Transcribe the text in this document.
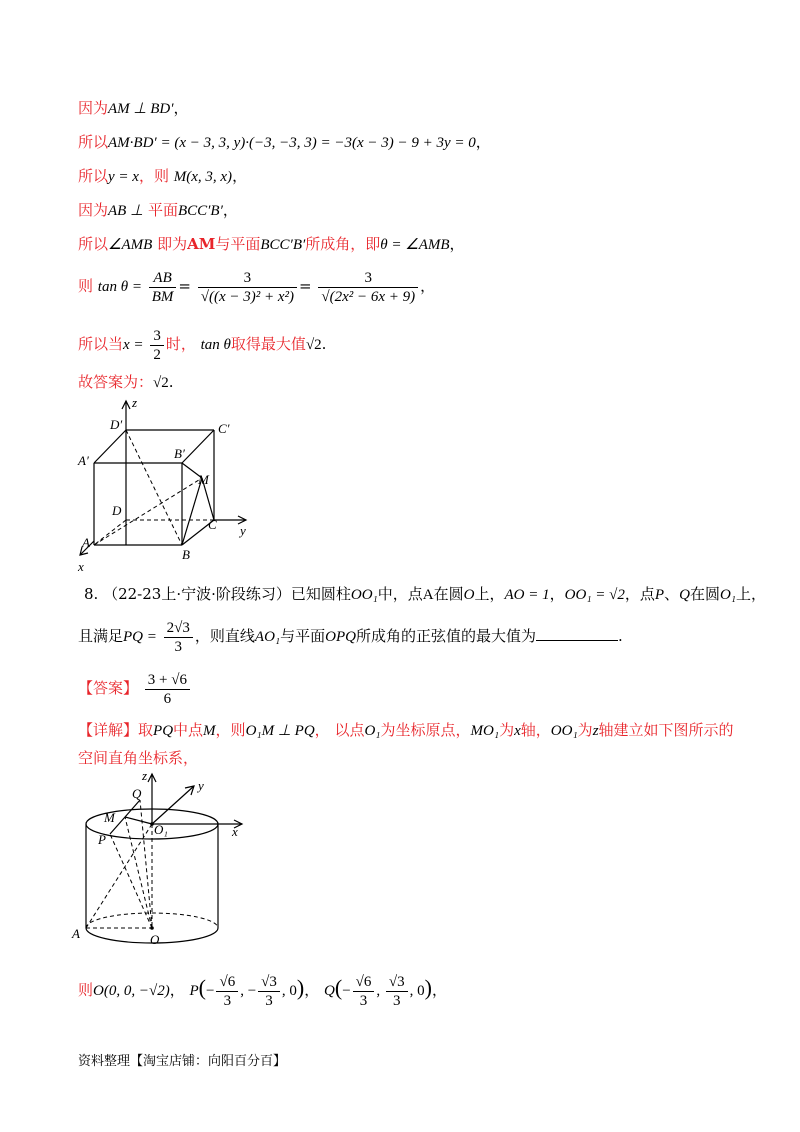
因为AM ⊥ BD′，
所以AM·BD′ = (x − 3, 3, y)·(−3, −3, 3) = −3(x − 3) − 9 + 3y = 0，
所以y = x，则 M(x, 3, x)，
因为AB ⊥ 平面BCC′B′，
所以∠AMB 即为AM与平面BCC′B′所成角，即θ = ∠AMB，
则 $\tan \theta = \frac{AB}{BM} = \frac{3}{\text{√((x − 3)² + x²)}} = \frac{3}{\text{√(2x² − 6x + 9)}}$ ，
所以当$x = \frac{3}{2}$ 时， tan θ取得最大值√2.
故答案为：√2.
z
y
x
D′	C′
A′	B′
M
D
C
A
B
8. （22-23上·宁波·阶段练习）已知圆柱OO₁中，点A在圆O上，AO = 1，OO₁ = √2，点P、Q在圆O₁上，
且满足PQ = $\frac{2√3}{3}$ ，则直线AO₁与平面OPQ所成角的正弦值的最大值为	.
【答案】 $\frac{3 + √6}{6}$
【详解】取PQ中点M，则O₁M ⊥ PQ， 以点O₁为坐标原点，MO₁为x轴，OO₁为z轴建立如下图所示的
空间直角坐标系，
z
y
x
Q
M
O₁
P
A	O
则O(0, 0, −√2)， $P(- \frac{√6}{3}$ , − $\frac{√3}{3}$ , 0)， $Q(- \frac{√6}{3}$ , $\frac{√3}{3}$ , 0)，
资料整理【淘宝店铺：向阳百分百】
